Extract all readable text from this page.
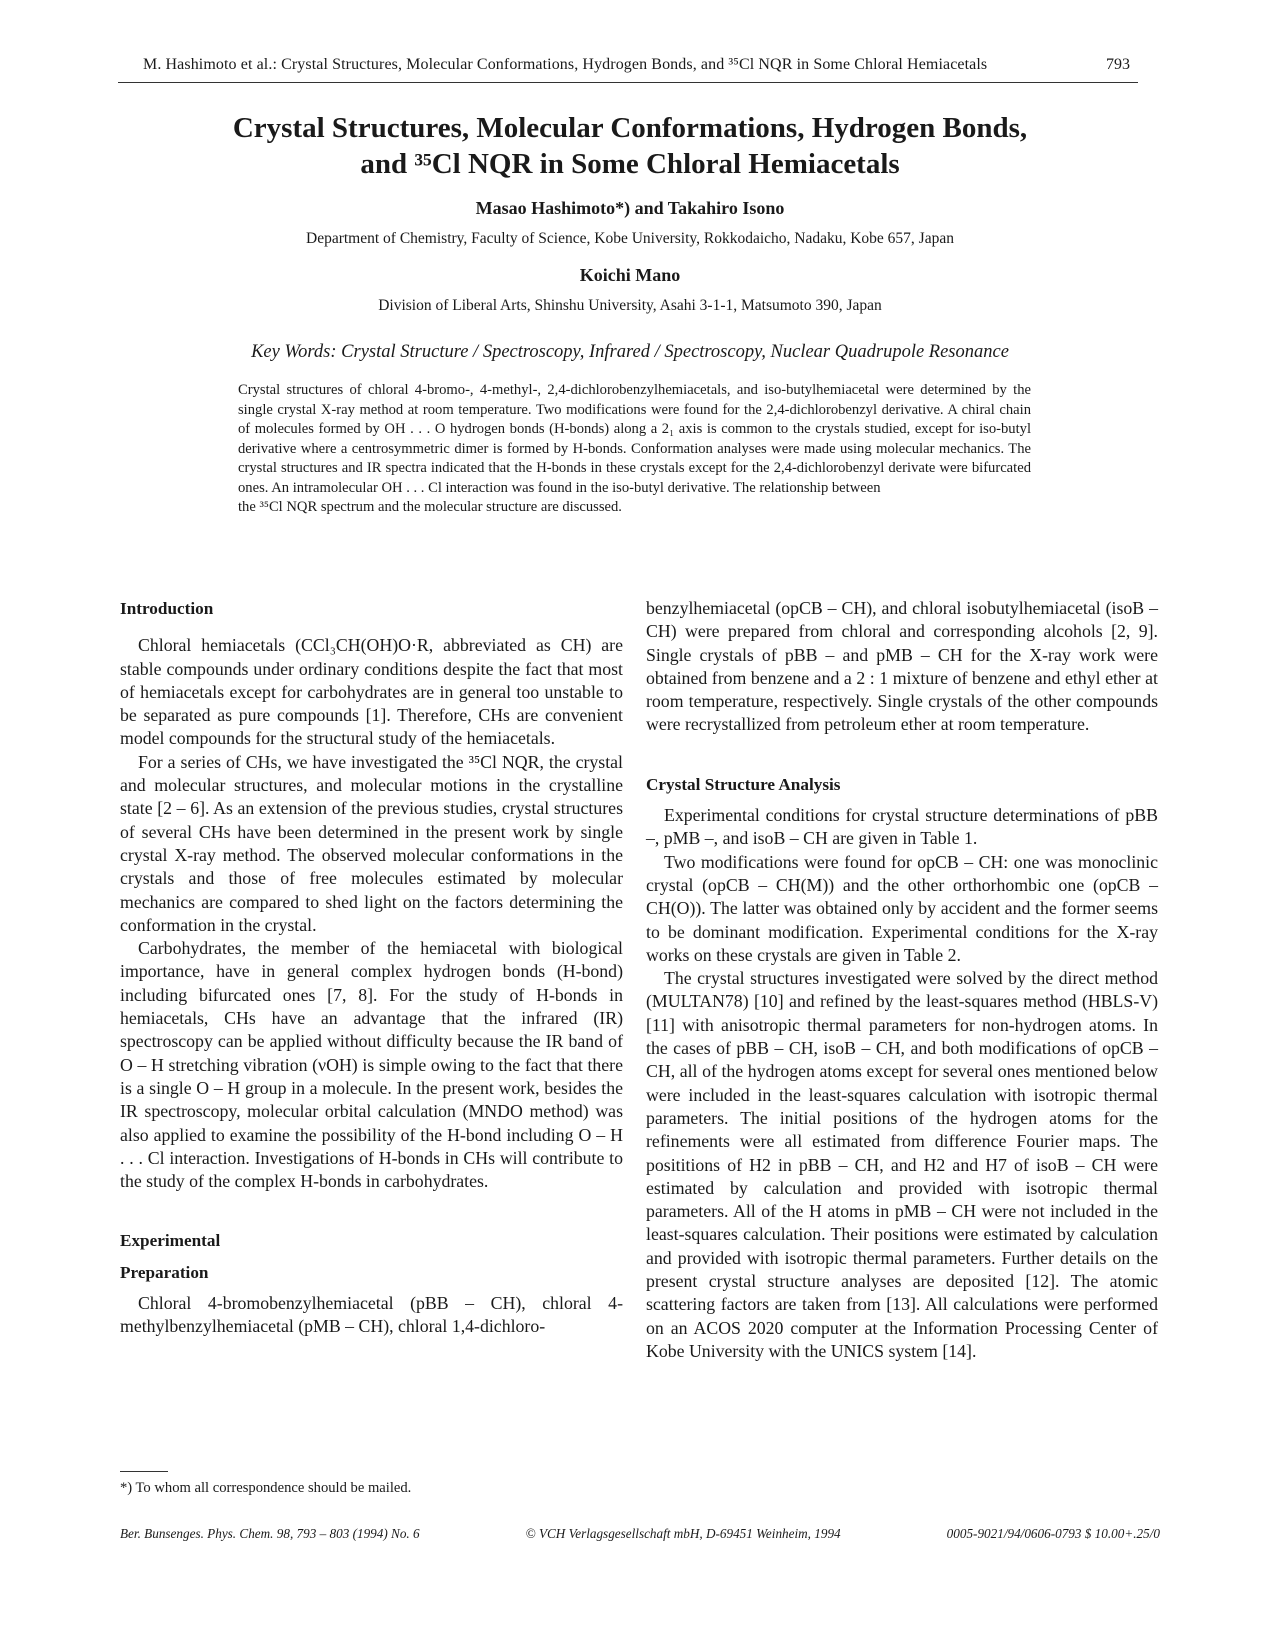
M. Hashimoto et al.: Crystal Structures, Molecular Conformations, Hydrogen Bonds, and ³⁵Cl NQR in Some Chloral Hemiacetals	793
Crystal Structures, Molecular Conformations, Hydrogen Bonds,
and ³⁵Cl NQR in Some Chloral Hemiacetals
Masao Hashimoto*) and Takahiro Isono
Department of Chemistry, Faculty of Science, Kobe University, Rokkodaicho, Nadaku, Kobe 657, Japan
Koichi Mano
Division of Liberal Arts, Shinshu University, Asahi 3-1-1, Matsumoto 390, Japan
Key Words: Crystal Structure / Spectroscopy, Infrared / Spectroscopy, Nuclear Quadrupole Resonance

Crystal structures of chloral 4-bromo-, 4-methyl-, 2,4-dichlorobenzylhemiacetals, and iso-butylhemiacetal were determined by the single crystal X-ray method at room temperature. Two modifications were found for the 2,4-dichlorobenzyl derivative. A chiral chain of molecules formed by OH . . . O hydrogen bonds (H-bonds) along a 2₁ axis is common to the crystals studied, except for iso-butyl derivative where a centrosymmetric dimer is formed by H-bonds. Conformation analyses were made using molecular mechanics. The crystal structures and IR spectra indicated that the H-bonds in these crystals except for the 2,4-dichlorobenzyl derivate were bifurcated ones. An intramolecular OH . . . Cl interaction was found in the iso-butyl derivative. The relationship between

the ³⁵Cl NQR spectrum and the molecular structure are discussed.

Introduction

Chloral hemiacetals (CCl₃CH(OH)O·R, abbreviated as CH) are stable compounds under ordinary conditions despite the fact that most of hemiacetals except for carbohydrates are in general too unstable to be separated as pure compounds [1]. Therefore, CHs are convenient model compounds for the structural study of the hemiacetals.

For a series of CHs, we have investigated the ³⁵Cl NQR, the crystal and molecular structures, and molecular motions in the crystalline state [2 – 6]. As an extension of the previous studies, crystal structures of several CHs have been determined in the present work by single crystal X-ray method. The observed molecular conformations in the crystals and those of free molecules estimated by molecular mechanics are compared to shed light on the factors determining the conformation in the crystal.

Carbohydrates, the member of the hemiacetal with biological importance, have in general complex hydrogen bonds (H-bond) including bifurcated ones [7, 8]. For the study of H-bonds in hemiacetals, CHs have an advantage that the infrared (IR) spectroscopy can be applied without difficulty because the IR band of O – H stretching vibration (νOH) is simple owing to the fact that there is a single O – H group in a molecule. In the present work, besides the IR spectroscopy, molecular orbital calculation (MNDO method) was also applied to examine the possibility of the H-bond including O – H . . . Cl interaction. Investigations of H-bonds in CHs will contribute to the study of the complex H-bonds in carbohydrates.

Experimental
Preparation

Chloral 4-bromobenzylhemiacetal (pBB – CH), chloral 4-methylbenzylhemiacetal (pMB – CH), chloral 1,4-dichloro-

benzylhemiacetal (opCB – CH), and chloral isobutylhemiacetal (isoB – CH) were prepared from chloral and corresponding alcohols [2, 9]. Single crystals of pBB – and pMB – CH for the X-ray work were obtained from benzene and a 2 : 1 mixture of benzene and ethyl ether at room temperature, respectively. Single crystals of the other compounds were recrystallized from petroleum ether at room temperature.

Crystal Structure Analysis

Experimental conditions for crystal structure determinations of pBB –, pMB –, and isoB – CH are given in Table 1.

Two modifications were found for opCB – CH: one was monoclinic crystal (opCB – CH(M)) and the other orthorhombic one (opCB – CH(O)). The latter was obtained only by accident and the former seems to be dominant modification. Experimental conditions for the X-ray works on these crystals are given in Table 2.

The crystal structures investigated were solved by the direct method (MULTAN78) [10] and refined by the least-squares method (HBLS-V) [11] with anisotropic thermal parameters for non-hydrogen atoms. In the cases of pBB – CH, isoB – CH, and both modifications of opCB – CH, all of the hydrogen atoms except for several ones mentioned below were included in the least-squares calculation with isotropic thermal parameters. The initial positions of the hydrogen atoms for the refinements were all estimated from difference Fourier maps. The posititions of H2 in pBB – CH, and H2 and H7 of isoB – CH were estimated by calculation and provided with isotropic thermal parameters. All of the H atoms in pMB – CH were not included in the least-squares calculation. Their positions were estimated by calculation and provided with isotropic thermal parameters. Further details on the present crystal structure analyses are deposited [12]. The atomic scattering factors are taken from [13]. All calculations were performed on an ACOS 2020 computer at the Information Processing Center of Kobe University with the UNICS system [14].

*) To whom all correspondence should be mailed.
Ber. Bunsenges. Phys. Chem. 98, 793 – 803 (1994) No. 6	© VCH Verlagsgesellschaft mbH, D-69451 Weinheim, 1994	0005-9021/94/0606-0793 $ 10.00+.25/0
